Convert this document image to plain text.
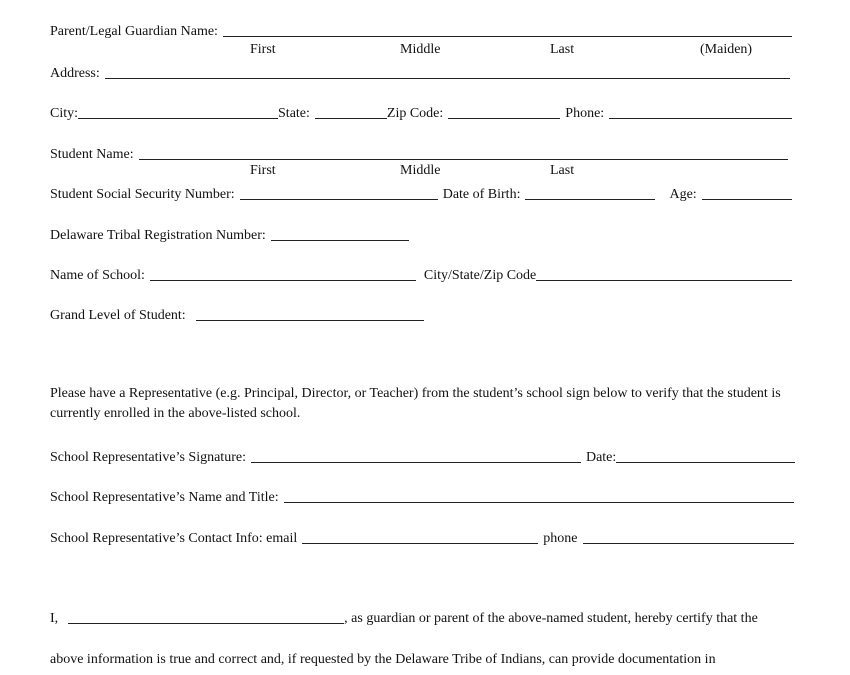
Parent/Legal Guardian Name:
First	Middle	Last	(Maiden)
Address:
City:	State:	Zip Code:	Phone:
Student Name:
First	Middle	Last
Student Social Security Number:	Date of Birth:	Age:
Delaware Tribal Registration Number:
Name of School:	City/State/Zip Code
Grand Level of Student:
Please have a Representative (e.g. Principal, Director, or Teacher) from the student’s school sign below to verify that the student is currently enrolled in the above-listed school.
School Representative’s Signature:	Date:
School Representative’s Name and Title:
School Representative’s Contact Info: email	phone
I,	, as guardian or parent of the above-named student, hereby certify that the
above information is true and correct and, if requested by the Delaware Tribe of Indians, can provide documentation in
